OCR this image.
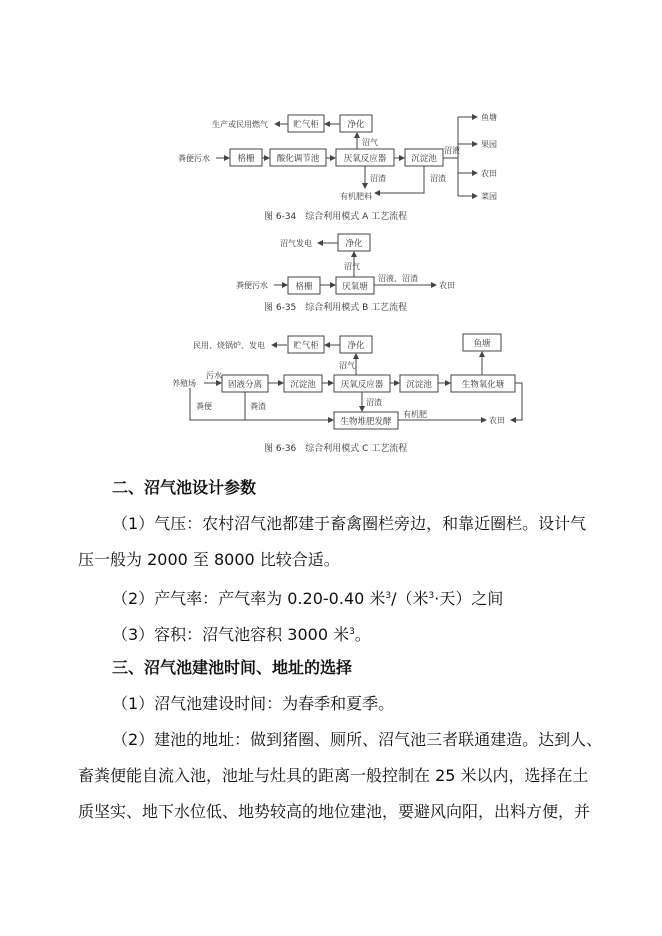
粪便污水	格栅	酸化调节池	厌氧反应器	沉淀池
沼气
净化
贮气柜
生产或民用燃气
沼渣
有机肥料
沼渣
沼液
鱼塘
果园
农田
菜园
图 6-34　综合利用模式 A 工艺流程
净化
沼气发电
沼气
粪便污水	格栅	厌氧塘
沼液、沼渣
农田
图 6-35　综合利用模式 B 工艺流程
民用、烧锅炉、发电	贮气柜	净化
沼气
鱼塘
养殖场
污水
固液分离	沉淀池	厌氧反应器	沉淀池	生物氧化塘
粪便	粪渣	沼渣
生物堆肥发酵
有机肥
农田
图 6-36　综合利用模式 C 工艺流程
二、沼气池设计参数
（1）气压：农村沼气池都建于畜禽圈栏旁边，和靠近圈栏。设计气
压一般为 2000 至 8000 比较合适。
（2）产气率：产气率为 0.20-0.40 米$^3$/（米$^3$·天）之间
（3）容积：沼气池容积 3000 米$^3$。
三、沼气池建池时间、地址的选择
（1）沼气池建设时间：为春季和夏季。
（2）建池的地址：做到猪圈、厕所、沼气池三者联通建造。达到人、
畜粪便能自流入池，池址与灶具的距离一般控制在 25 米以内，选择在土
质坚实、地下水位低、地势较高的地位建池，要避风向阳，出料方便，并
